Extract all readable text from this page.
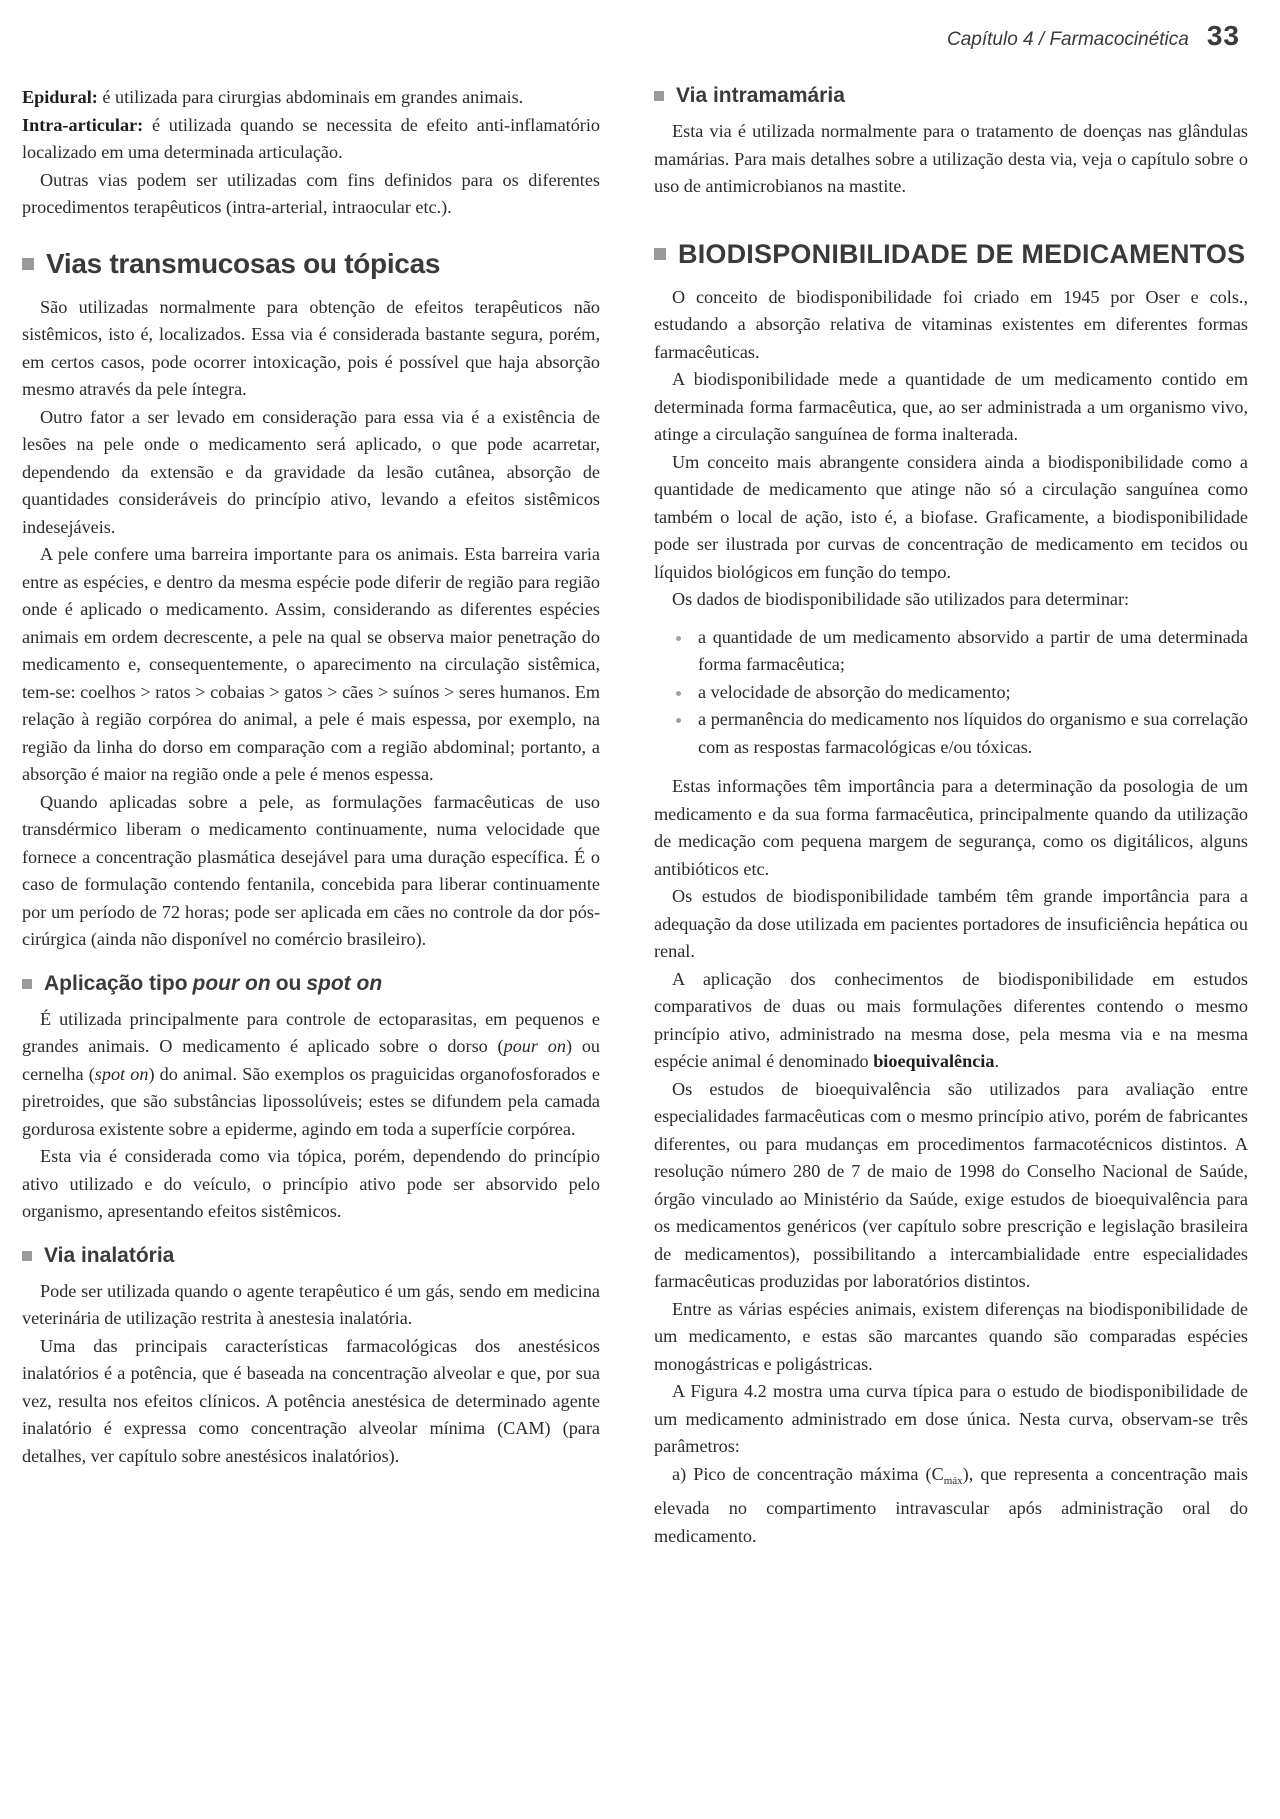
Capítulo 4 / Farmacocinética 33

Epidural: é utilizada para cirurgias abdominais em grandes animais.

Intra-articular: é utilizada quando se necessita de efeito anti-inflamatório localizado em uma determinada articulação.

Outras vias podem ser utilizadas com fins definidos para os diferentes procedimentos terapêuticos (intra-arterial, intraocular etc.).

Vias transmucosas ou tópicas

São utilizadas normalmente para obtenção de efeitos terapêuticos não sistêmicos, isto é, localizados. Essa via é considerada bastante segura, porém, em certos casos, pode ocorrer intoxicação, pois é possível que haja absorção mesmo através da pele íntegra.

Outro fator a ser levado em consideração para essa via é a existência de lesões na pele onde o medicamento será aplicado, o que pode acarretar, dependendo da extensão e da gravidade da lesão cutânea, absorção de quantidades consideráveis do princípio ativo, levando a efeitos sistêmicos indesejáveis.

A pele confere uma barreira importante para os animais. Esta barreira varia entre as espécies, e dentro da mesma espécie pode diferir de região para região onde é aplicado o medicamento. Assim, considerando as diferentes espécies animais em ordem decrescente, a pele na qual se observa maior penetração do medicamento e, consequentemente, o aparecimento na circulação sistêmica, tem-se: coelhos > ratos > cobaias > gatos > cães > suínos > seres humanos. Em relação à região corpórea do animal, a pele é mais espessa, por exemplo, na região da linha do dorso em comparação com a região abdominal; portanto, a absorção é maior na região onde a pele é menos espessa.

Quando aplicadas sobre a pele, as formulações farmacêuticas de uso transdérmico liberam o medicamento continuamente, numa velocidade que fornece a concentração plasmática desejável para uma duração específica. É o caso de formulação contendo fentanila, concebida para liberar continuamente por um período de 72 horas; pode ser aplicada em cães no controle da dor pós-cirúrgica (ainda não disponível no comércio brasileiro).

Aplicação tipo pour on ou spot on

É utilizada principalmente para controle de ectoparasitas, em pequenos e grandes animais. O medicamento é aplicado sobre o dorso (pour on) ou cernelha (spot on) do animal. São exemplos os praguicidas organofosforados e piretroides, que são substâncias lipossolúveis; estes se difundem pela camada gordurosa existente sobre a epiderme, agindo em toda a superfície corpórea.

Esta via é considerada como via tópica, porém, dependendo do princípio ativo utilizado e do veículo, o princípio ativo pode ser absorvido pelo organismo, apresentando efeitos sistêmicos.

Via inalatória

Pode ser utilizada quando o agente terapêutico é um gás, sendo em medicina veterinária de utilização restrita à anestesia inalatória.

Uma das principais características farmacológicas dos anestésicos inalatórios é a potência, que é baseada na concentração alveolar e que, por sua vez, resulta nos efeitos clínicos. A potência anestésica de determinado agente inalatório é expressa como concentração alveolar mínima (CAM) (para detalhes, ver capítulo sobre anestésicos inalatórios).

Via intramamária

Esta via é utilizada normalmente para o tratamento de doenças nas glândulas mamárias. Para mais detalhes sobre a utilização desta via, veja o capítulo sobre o uso de antimicrobianos na mastite.

BIODISPONIBILIDADE DE MEDICAMENTOS

O conceito de biodisponibilidade foi criado em 1945 por Oser e cols., estudando a absorção relativa de vitaminas existentes em diferentes formas farmacêuticas.

A biodisponibilidade mede a quantidade de um medicamento contido em determinada forma farmacêutica, que, ao ser administrada a um organismo vivo, atinge a circulação sanguínea de forma inalterada.

Um conceito mais abrangente considera ainda a biodisponibilidade como a quantidade de medicamento que atinge não só a circulação sanguínea como também o local de ação, isto é, a biofase. Graficamente, a biodisponibilidade pode ser ilustrada por curvas de concentração de medicamento em tecidos ou líquidos biológicos em função do tempo.

Os dados de biodisponibilidade são utilizados para determinar:

a quantidade de um medicamento absorvido a partir de uma determinada forma farmacêutica;
a velocidade de absorção do medicamento;
a permanência do medicamento nos líquidos do organismo e sua correlação com as respostas farmacológicas e/ou tóxicas.

Estas informações têm importância para a determinação da posologia de um medicamento e da sua forma farmacêutica, principalmente quando da utilização de medicação com pequena margem de segurança, como os digitálicos, alguns antibióticos etc.

Os estudos de biodisponibilidade também têm grande importância para a adequação da dose utilizada em pacientes portadores de insuficiência hepática ou renal.

A aplicação dos conhecimentos de biodisponibilidade em estudos comparativos de duas ou mais formulações diferentes contendo o mesmo princípio ativo, administrado na mesma dose, pela mesma via e na mesma espécie animal é denominado bioequivalência.

Os estudos de bioequivalência são utilizados para avaliação entre especialidades farmacêuticas com o mesmo princípio ativo, porém de fabricantes diferentes, ou para mudanças em procedimentos farmacotécnicos distintos. A resolução número 280 de 7 de maio de 1998 do Conselho Nacional de Saúde, órgão vinculado ao Ministério da Saúde, exige estudos de bioequivalência para os medicamentos genéricos (ver capítulo sobre prescrição e legislação brasileira de medicamentos), possibilitando a intercambialidade entre especialidades farmacêuticas produzidas por laboratórios distintos.

Entre as várias espécies animais, existem diferenças na biodisponibilidade de um medicamento, e estas são marcantes quando são comparadas espécies monogástricas e poligástricas.

A Figura 4.2 mostra uma curva típica para o estudo de biodisponibilidade de um medicamento administrado em dose única. Nesta curva, observam-se três parâmetros:

a) Pico de concentração máxima $(C_{máx})$, que representa a concentração mais elevada no compartimento intravascular após administração oral do medicamento.
